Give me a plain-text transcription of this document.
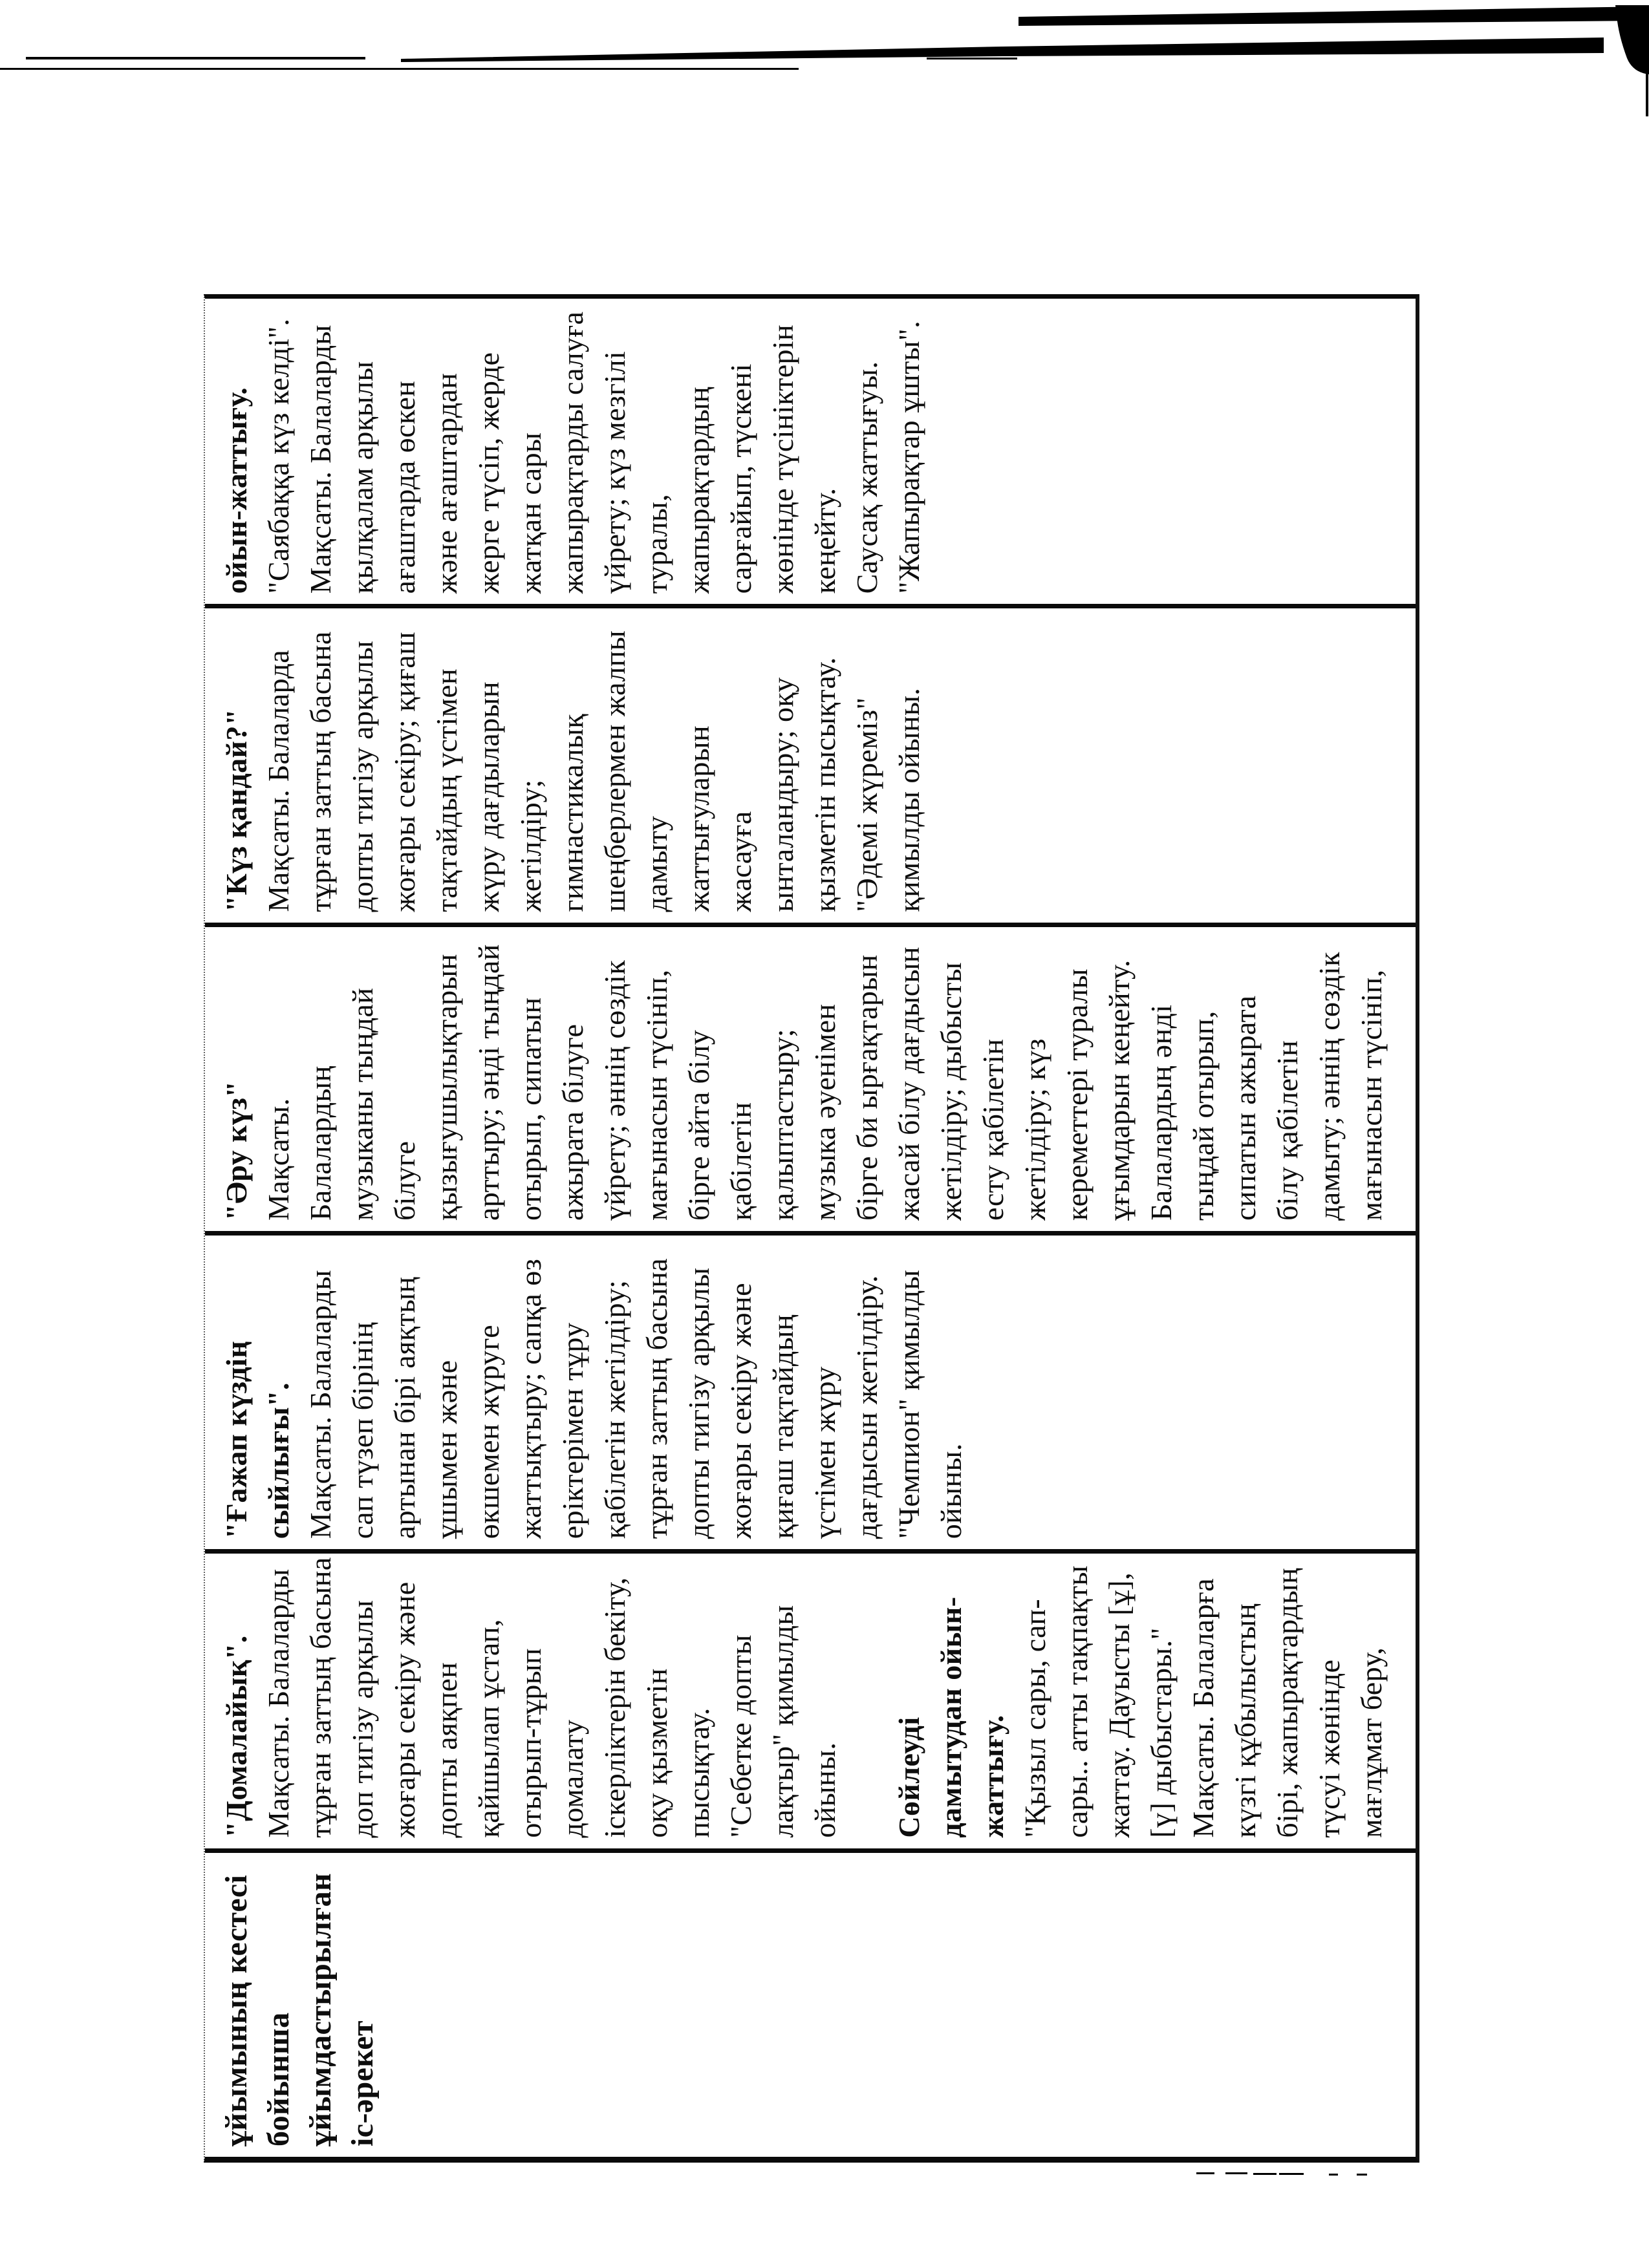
ұйымының кестесі бойынша ұйымдастырылған іс-әрекет
"Домалайық". Мақсаты. Балаларды тұрған заттың басына доп тигізу арқылы жоғары секіру және допты аяқпен қайшылап ұстап, отырып-тұрып домалату іскерліктерін бекіту, оқу қызметін пысықтау. "Себетке допты лақтыр" қимылды ойыны.
Сөйлеуді дамытудан ойын- жаттығу. "Қызыл сары, сап- сары.. атты тақпақты жаттау. Дауысты [ұ], [ү] дыбыстары." Мақсаты. Балаларға күзгі құбылыстың бірі, жапырақтардың түсуі жөнінде мағлұмат беру,
"Ғажап күздің сыйлығы". Мақсаты. Балаларды сап түзеп бірінің артынан бірі аяқтың ұшымен және өкшемен жүруге жаттықтыру; сапқа өз еріктерімен тұру қабілетін жетілдіру; тұрған заттың басына допты тигізу арқылы жоғары секіру және қиғаш тақтайдың үстімен жүру дағдысын жетілдіру. "Чемпион" қимылды ойыны.
"Әру күз" Мақсаты. Балалардың музыканы тыңдай білуге қызығушылықтарын арттыру; әнді тыңдай отырып, сипатын ажырата білуге үйрету; әннің сөздік мағынасын түсініп, бірге айта білу қабілетін қалыптастыру; музыка әуенімен бірге би ырғақтарын жасай білу дағдысын жетілдіру; дыбысты есту қабілетін жетілдіру; күз кереметтері туралы ұғымдарын кеңейту. Балалардың әнді тыңдай отырып, сипатын ажырата білу қабілетін дамыту; әннің сөздік мағынасын түсініп,
"Күз қандай?" Мақсаты. Балаларда тұрған заттың басына допты тигізу арқылы жоғары секіру; қиғаш тақтайдың үстімен жүру дағдыларын жетілдіру; гимнастикалық шеңберлермен жалпы дамыту жаттығуларын жасауға ынталандыру; оқу қызметін пысықтау. "Әдемі жүреміз" қимылды ойыны.
ойын-жаттығу. "Саябаққа күз келді". Мақсаты. Балаларды қылқалам арқылы ағаштарда өскен және ағаштардан жерге түсіп, жерде жатқан сары жапырақтарды салуға үйрету; күз мезгілі туралы, жапырақтардың сарғайып, түскені жөнінде түсініктерін кеңейту. Саусақ жаттығуы. "Жапырақтар ұшты".
